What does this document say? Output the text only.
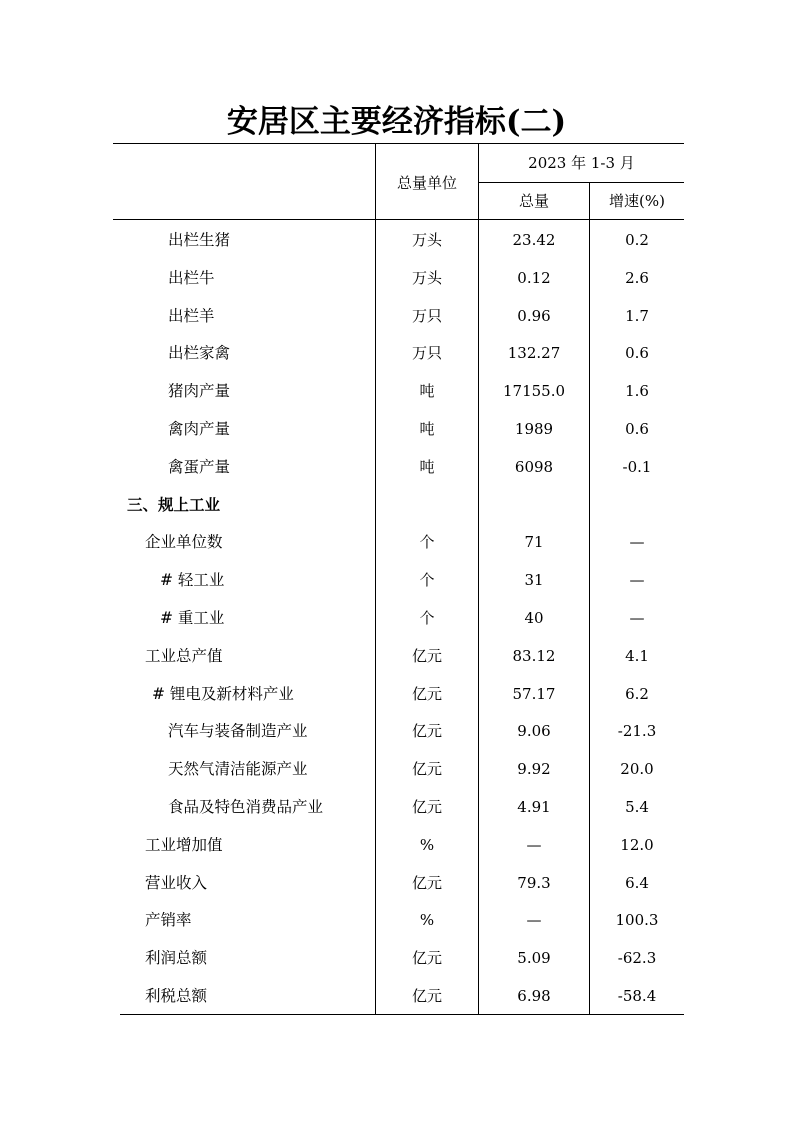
安居区主要经济指标(二)
总量单位
2023 年 1-3 月
总量	增速(%)
出栏生猪	万头	23.42	0.2
出栏牛	万头	0.12	2.6
出栏羊	万只	0.96	1.7
出栏家禽	万只	132.27	0.6
猪肉产量	吨	17155.0	1.6
禽肉产量	吨	1989	0.6
禽蛋产量	吨	6098	-0.1
三、规上工业
企业单位数	个	71	—
# 轻工业	个	31	—
# 重工业	个	40	—
工业总产值	亿元	83.12	4.1
# 锂电及新材料产业	亿元	57.17	6.2
汽车与装备制造产业	亿元	9.06	-21.3
天然气清洁能源产业	亿元	9.92	20.0
食品及特色消费品产业	亿元	4.91	5.4
工业增加值	%	—	12.0
营业收入	亿元	79.3	6.4
产销率	%	—	100.3
利润总额	亿元	5.09	-62.3
利税总额	亿元	6.98	-58.4
